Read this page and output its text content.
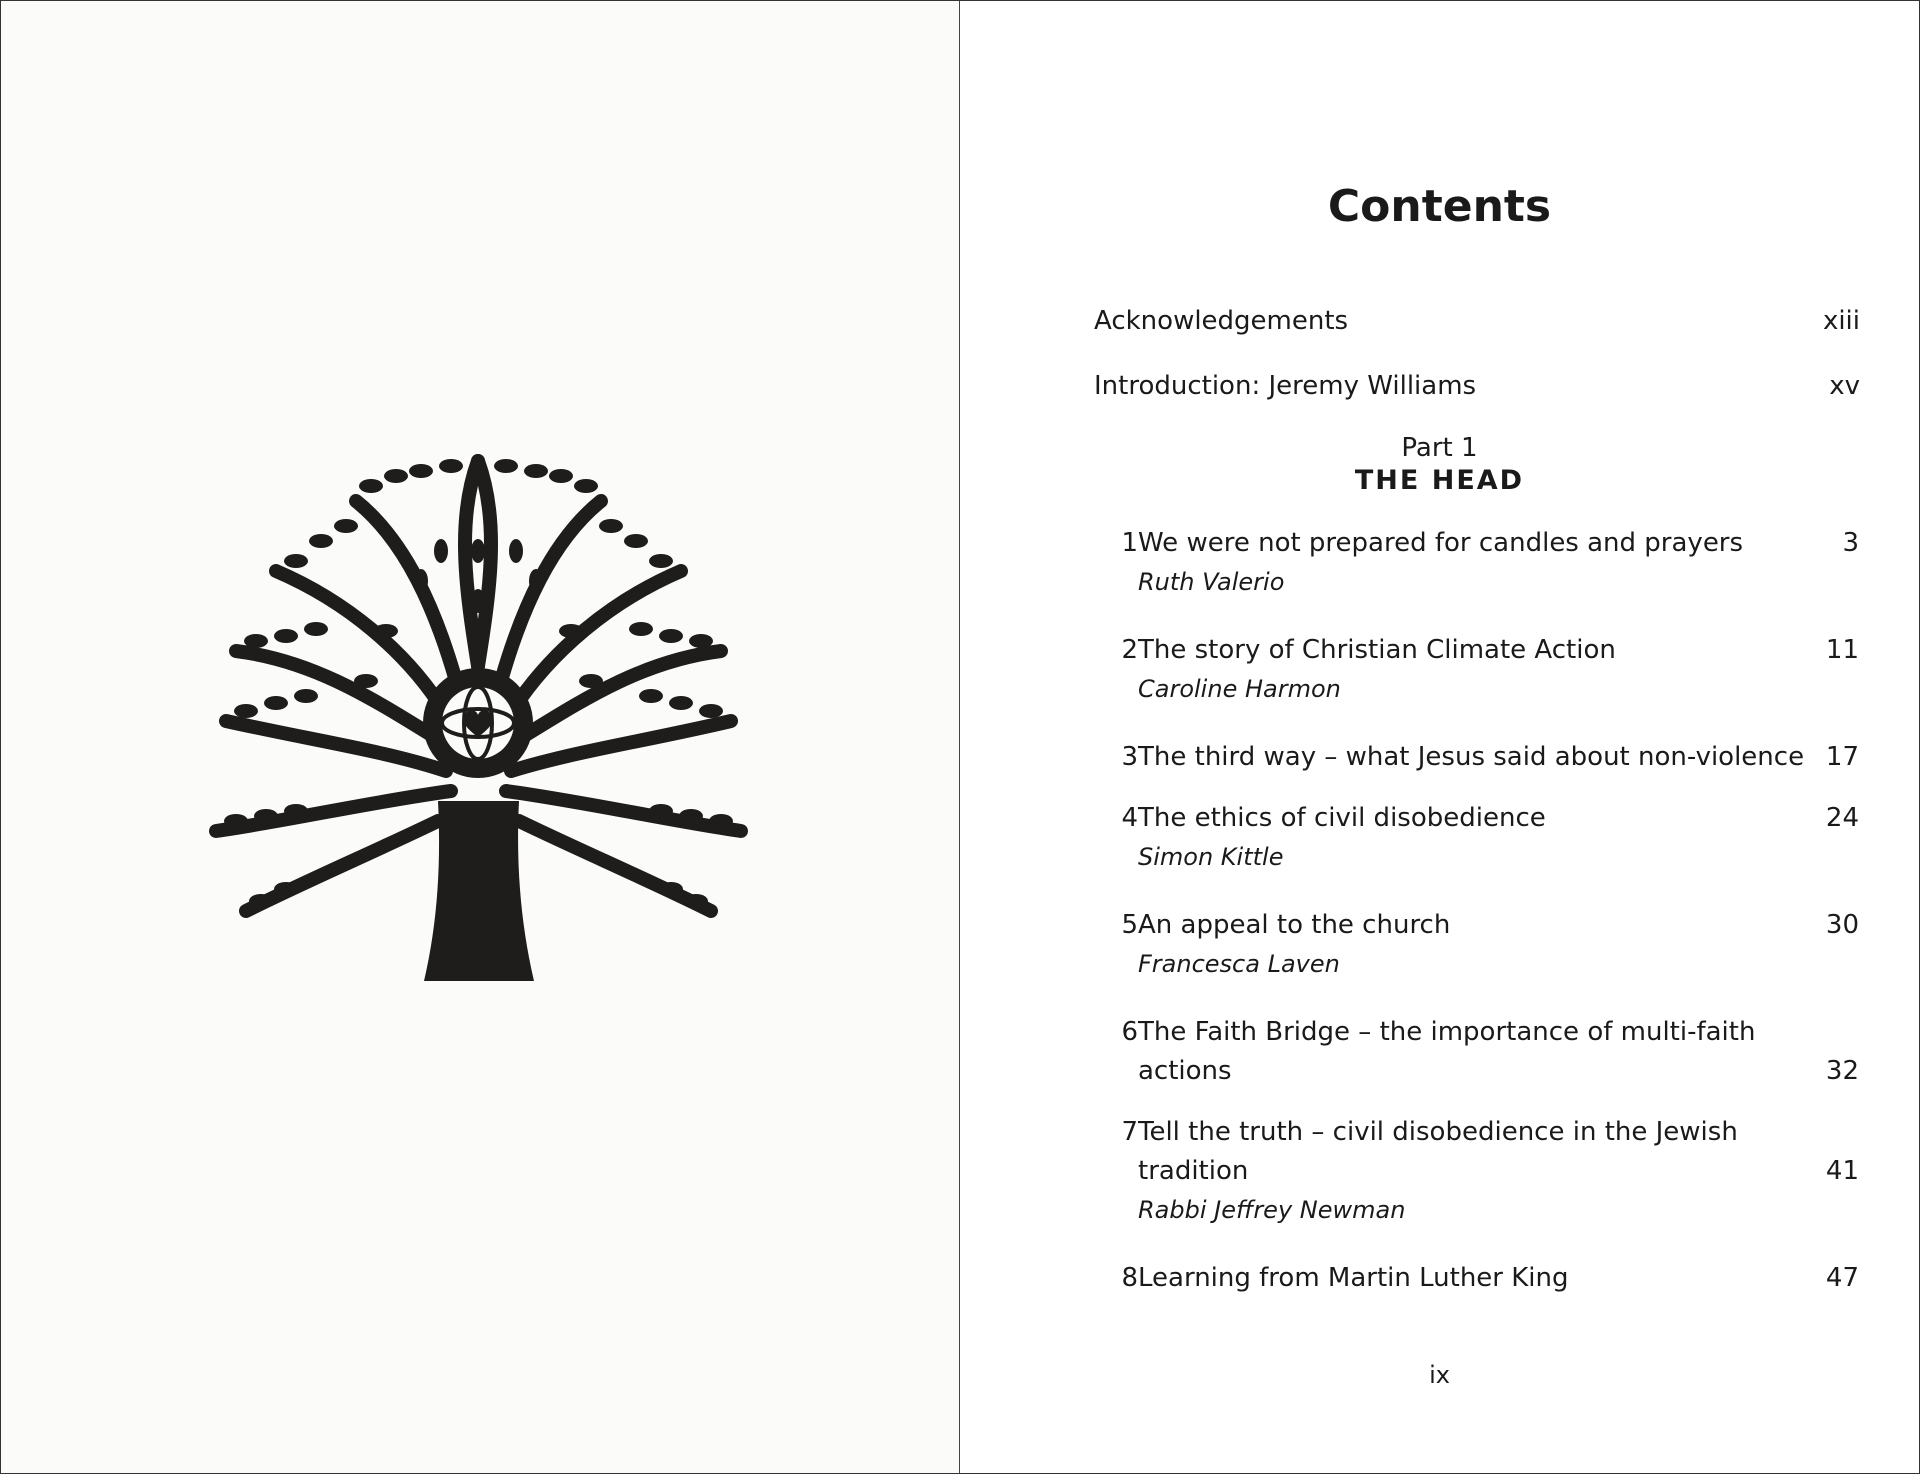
Contents
Acknowledgements	xiii
Introduction: Jeremy Williams	xv
Part 1
THE HEAD
1 We were not prepared for candles and prayers	3
Ruth Valerio
2 The story of Christian Climate Action	11
Caroline Harmon
3 The third way – what Jesus said about non-violence 17
4 The ethics of civil disobedience	24
Simon Kittle
5 An appeal to the church	30
Francesca Laven
6 The Faith Bridge – the importance of multi-faith
actions	32
7 Tell the truth – civil disobedience in the Jewish
tradition	41
Rabbi Jeffrey Newman
8 Learning from Martin Luther King	47
ix
